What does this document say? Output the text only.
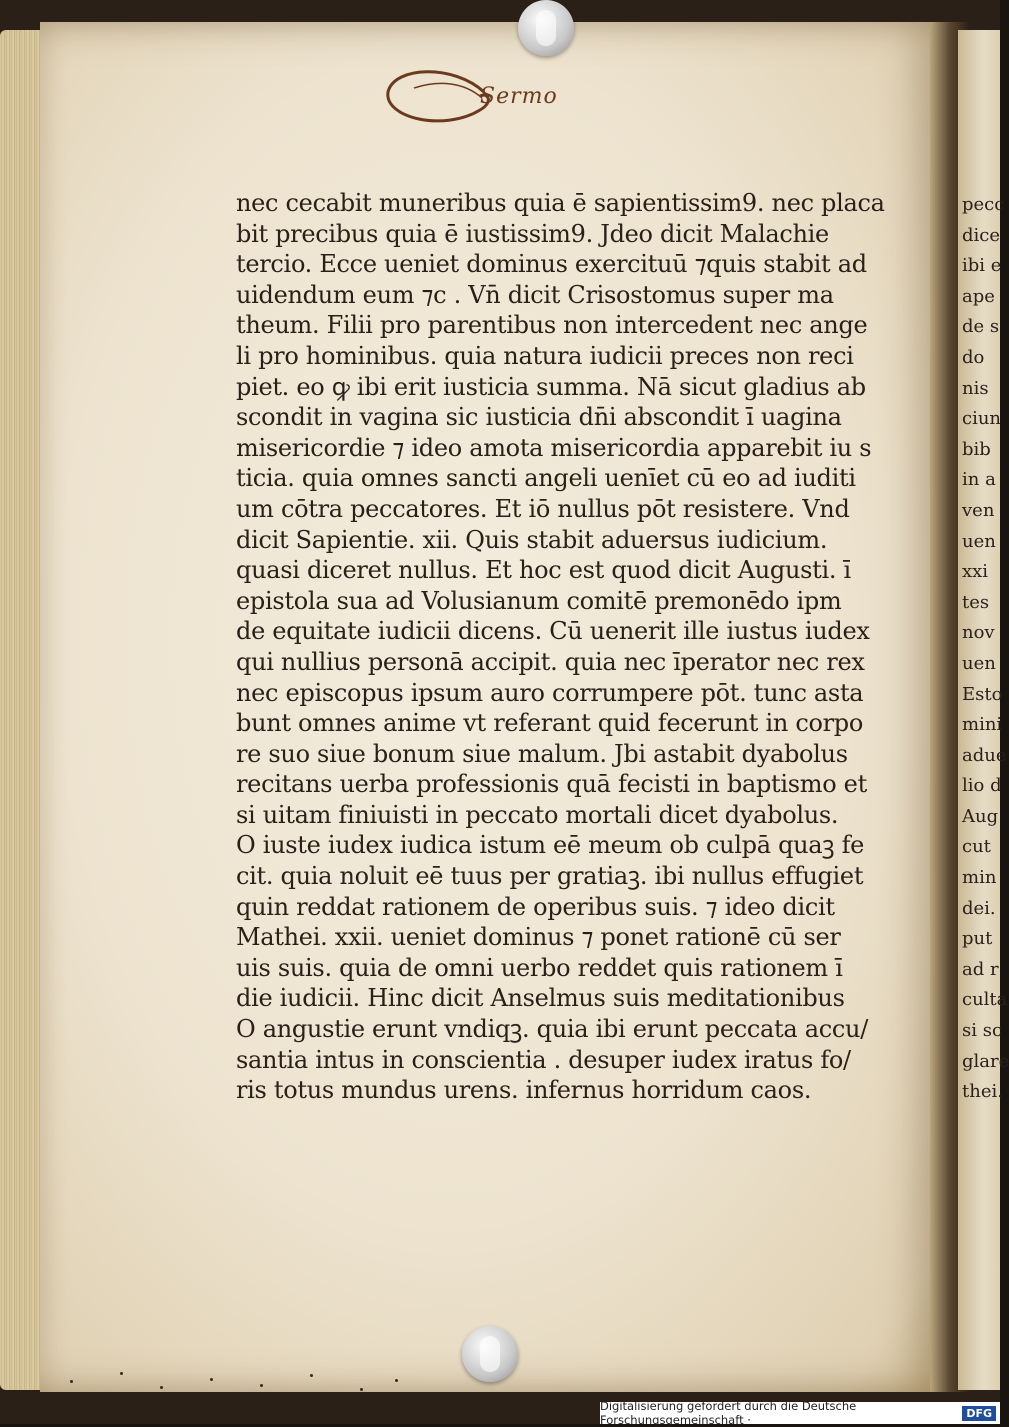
Sermo
nec cecabit muneribus quia ē sapientissim9. nec placa
bit precibus quia ē iustissim9. Jdeo dicit Malachie
tercio. Ecce ueniet dominus exercituū ⁊quis stabit ad
uidendum eum ⁊c . Vn̄ dicit Crisostomus super ma
theum. Filii pro parentibus non intercedent nec ange
li pro hominibus. quia natura iudicii preces non reci
piet. eo ꝙ ibi erit iusticia summa. Nā sicut gladius ab
scondit in vagina sic iusticia dn̄i abscondit ī uagina
misericordie ⁊ ideo amota misericordia apparebit iu s
ticia. quia omnes sancti angeli uenīet cū eo ad iuditi
um cōtra peccatores. Et iō nullus pōt resistere. Vnd
dicit Sapientie. xii. Quis stabit aduersus iudicium.
quasi diceret nullus. Et hoc est quod dicit Augusti. ī
epistola sua ad Volusianum comitē premonēdo ipm
de equitate iudicii dicens. Cū uenerit ille iustus iudex
qui nullius personā accipit. quia nec īperator nec rex
nec episcopus ipsum auro corrumpere pōt. tunc asta
bunt omnes anime vt referant quid fecerunt in corpo
re suo siue bonum siue malum. Jbi astabit dyabolus
recitans uerba professionis quā fecisti in baptismo et
si uitam finiuisti in peccato mortali dicet dyabolus.
O iuste iudex iudica istum eē meum ob culpā quaꝫ fe
cit. quia noluit eē tuus per gratiaꝫ. ibi nullus effugiet
quin reddat rationem de operibus suis. ⁊ ideo dicit
Mathei. xxii. ueniet dominus ⁊ ponet rationē cū ser
uis suis. quia de omni uerbo reddet quis rationem ī
die iudicii. Hinc dicit Anselmus suis meditationibus
O angustie erunt vndiqꝫ. quia ibi erunt peccata accu/
santia intus in conscientia . desuper iudex iratus fo/
ris totus mundus urens. infernus horridum caos.
pecc
dice
ibi e
ape
de s
do
nis
ciun
bib
in a
ven
uen
xxi
tes
nov
uen
Esto
mini
adue
lio d
Aug
cut
min
dei.
put
ad r
culta
si sc
glare
thei.
Digitalisierung gefördert durch die Deutsche Forschungsgemeinschaft ·	DFG
